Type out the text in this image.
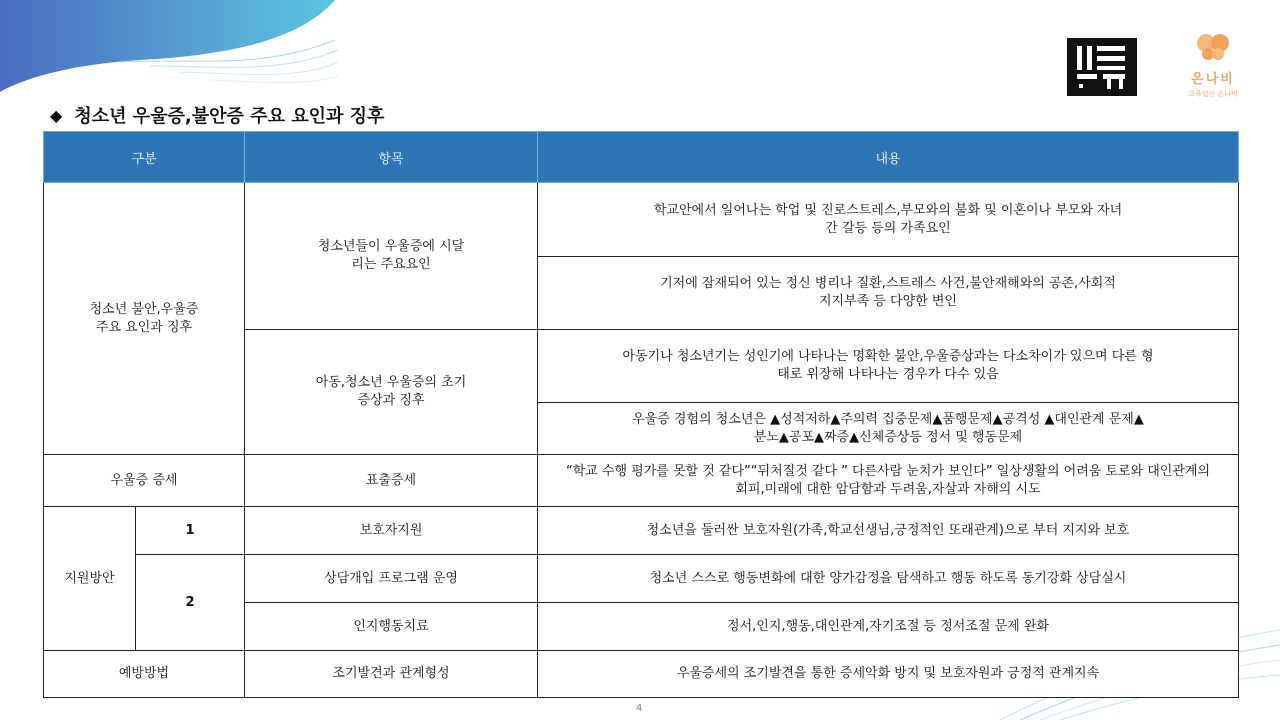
온나비
교육법인 온나비
◆ 청소년 우울증,불안증 주요 요인과 징후
구분		항목	내용
청소년 불안,우울증 주요 요인과 징후		청소년들이 우울증에 시달리는 주요요인	학교안에서 일어나는 학업 및 진로스트레스,부모와의 불화 및 이혼이나 부모와 자녀간 갈등 등의 가족요인
			기저에 잠재되어 있는 정신 병리나 질환,스트레스 사건,불안재해와의 공존,사회적 지지부족 등 다양한 변인
		아동,청소년 우울증의 초기증상과 징후	아동기나 청소년기는 성인기에 나타나는 명확한 불안,우울증상과는 다소차이가 있으며 다른 형태로 위장해 나타나는 경우가 다수 있음
			우울증 경험의 청소년은 ▲성적저하▲주의력 집중문제▲품행문제▲공격성 ▲대인관계 문제▲분노▲공포▲짜증▲신체증상등 정서 및 행동문제
우울증 증세		표출증세	“학교 수행 평가를 못할 것 같다”“뒤처질것 같다 ” 다른사람 눈치가 보인다” 일상생활의 어려움 토로와 대인관계의 회피,미래에 대한 암담함과 두려움,자살과 자해의 시도
지원방안	1	보호자지원	청소년을 둘러싼 보호자원(가족,학교선생님,긍정적인 또래관계)으로 부터 지지와 보호
	2	상담개입 프로그램 운영	청소년 스스로 행동변화에 대한 양가감정을 탐색하고 행동 하도록 동기강화 상담실시
		인지행동치료	정서,인지,행동,대인관계,자기조절 등 정서조절 문제 완화
예방방법		조기발견과 관계형성	우울증세의 조기발견을 통한 증세악화 방지 및 보호자원과 긍정적 관계지속
4
